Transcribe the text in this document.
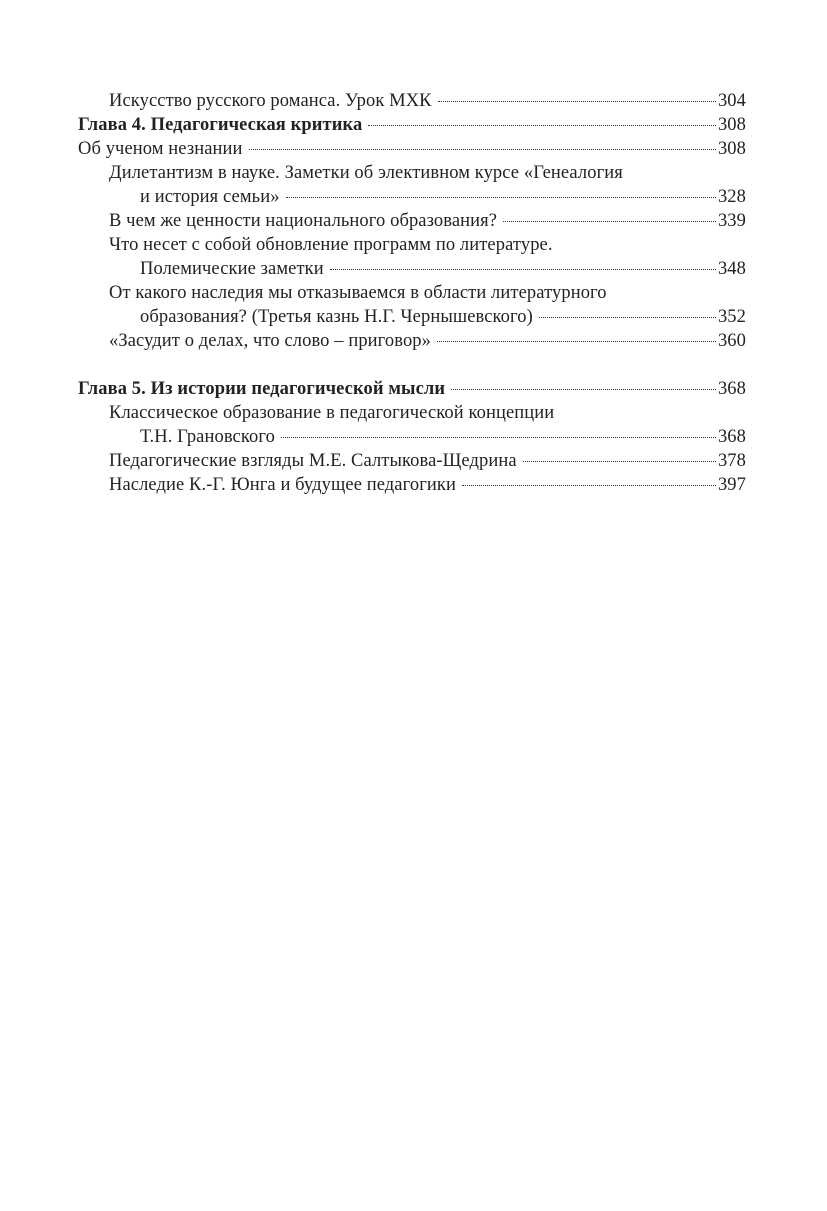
Искусство русского романса. Урок МХК	304
Глава 4. Педагогическая критика	308
Об ученом незнании	308
Дилетантизм в науке. Заметки об элективном курсе «Генеалогия
и история семьи»	328
В чем же ценности национального образования?	339
Что несет с собой обновление программ по литературе.
Полемические заметки	348
От какого наследия мы отказываемся в области литературного
образования? (Третья казнь Н.Г. Чернышевского)	352
«Засудит о делах, что слово – приговор»	360
Глава 5. Из истории педагогической мысли	368
Классическое образование в педагогической концепции
Т.Н. Грановского	368
Педагогические взгляды М.Е. Салтыкова-Щедрина	378
Наследие К.-Г. Юнга и будущее педагогики	397
